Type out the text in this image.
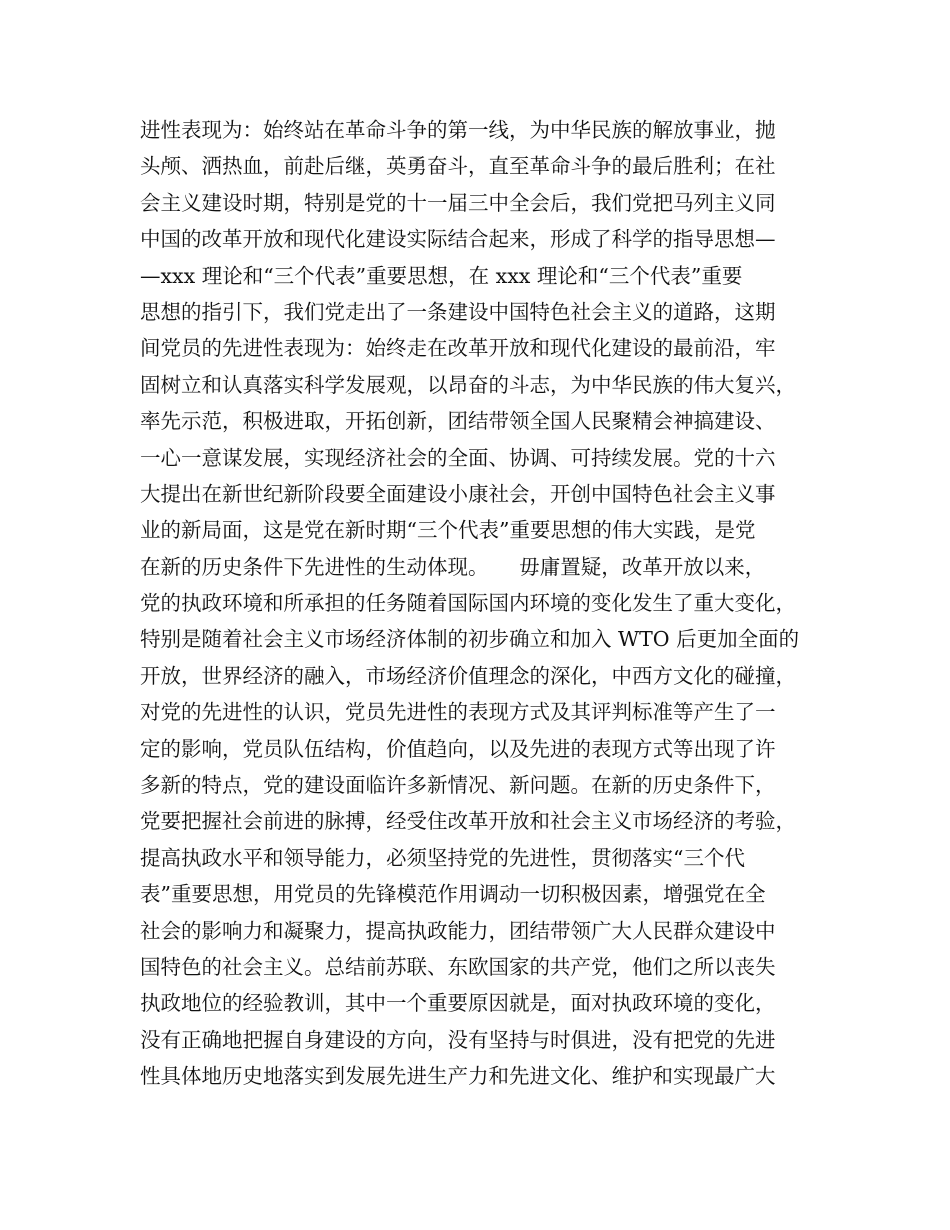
进性表现为：始终站在革命斗争的第一线，为中华民族的解放事业，抛
头颅、洒热血，前赴后继，英勇奋斗，直至革命斗争的最后胜利；在社
会主义建设时期，特别是党的十一届三中全会后，我们党把马列主义同
中国的改革开放和现代化建设实际结合起来，形成了科学的指导思想—
—xxx 理论和“三个代表”重要思想，在 xxx 理论和“三个代表”重要
思想的指引下，我们党走出了一条建设中国特色社会主义的道路，这期
间党员的先进性表现为：始终走在改革开放和现代化建设的最前沿，牢
固树立和认真落实科学发展观，以昂奋的斗志，为中华民族的伟大复兴，
率先示范，积极进取，开拓创新，团结带领全国人民聚精会神搞建设、
一心一意谋发展，实现经济社会的全面、协调、可持续发展。党的十六
大提出在新世纪新阶段要全面建设小康社会，开创中国特色社会主义事
业的新局面，这是党在新时期“三个代表”重要思想的伟大实践，是党
在新的历史条件下先进性的生动体现。　　毋庸置疑，改革开放以来，
党的执政环境和所承担的任务随着国际国内环境的变化发生了重大变化，
特别是随着社会主义市场经济体制的初步确立和加入 WTO 后更加全面的
开放，世界经济的融入，市场经济价值理念的深化，中西方文化的碰撞，
对党的先进性的认识，党员先进性的表现方式及其评判标准等产生了一
定的影响，党员队伍结构，价值趋向，以及先进的表现方式等出现了许
多新的特点，党的建设面临许多新情况、新问题。在新的历史条件下，
党要把握社会前进的脉搏，经受住改革开放和社会主义市场经济的考验，
提高执政水平和领导能力，必须坚持党的先进性，贯彻落实“三个代
表”重要思想，用党员的先锋模范作用调动一切积极因素，增强党在全
社会的影响力和凝聚力，提高执政能力，团结带领广大人民群众建设中
国特色的社会主义。总结前苏联、东欧国家的共产党，他们之所以丧失
执政地位的经验教训，其中一个重要原因就是，面对执政环境的变化，
没有正确地把握自身建设的方向，没有坚持与时俱进，没有把党的先进
性具体地历史地落实到发展先进生产力和先进文化、维护和实现最广大
